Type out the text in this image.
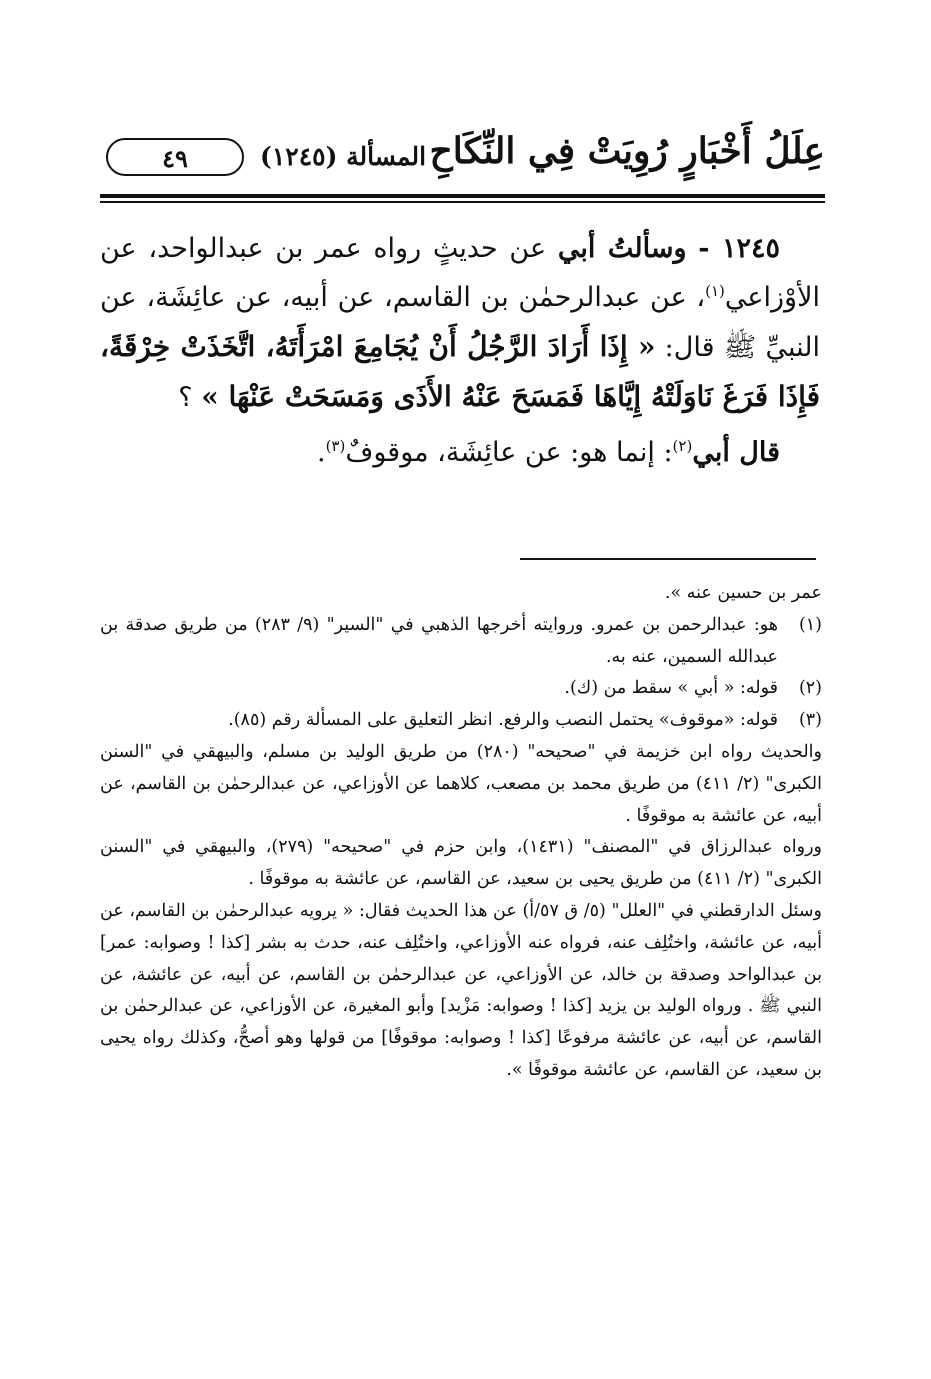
عِلَلُ أَخْبَارٍ رُوِيَتْ فِي النِّكَاحِ
المسألة (١٢٤٥)
٤٩

١٢٤٥ - وسألتُ أبي عن حديثٍ رواه عمر بن عبدالواحد، عن الأوْزاعي$^{(١)}$، عن عبدالرحمٰن بن القاسم، عن أبيه، عن عائِشَة، عن النبيِّ ﷺ قال: « إِذَا أَرَادَ الرَّجُلُ أَنْ يُجَامِعَ امْرَأَتَهُ، اتَّخَذَتْ خِرْقَةً، فَإِذَا فَرَغَ نَاوَلَتْهُ إِيَّاهَا فَمَسَحَ عَنْهُ الأَذَى وَمَسَحَتْ عَنْهَا » ؟

قال أبي$^{(٢)}$: إنما هو: عن عائِشَة، موقوفٌ$^{(٣)}$.

عمر بن حسين عنه ».

(١)
هو: عبدالرحمن بن عمرو. وروايته أخرجها الذهبي في "السير" (٩/ ٢٨٣) من طريق صدقة بن عبدالله السمين، عنه به.
(٢)
قوله: « أبي » سقط من (ك).
(٣)
قوله: «موقوف» يحتمل النصب والرفع. انظر التعليق على المسألة رقم (٨٥).

والحديث رواه ابن خزيمة في "صحيحه" (٢٨٠) من طريق الوليد بن مسلم، والبيهقي في "السنن الكبرى" (٢/ ٤١١) من طريق محمد بن مصعب، كلاهما عن الأوزاعي، عن عبدالرحمٰن بن القاسم، عن أبيه، عن عائشة به موقوفًا .

ورواه عبدالرزاق في "المصنف" (١٤٣١)، وابن حزم في "صحيحه" (٢٧٩)، والبيهقي في "السنن الكبرى" (٢/ ٤١١) من طريق يحيى بن سعيد، عن القاسم، عن عائشة به موقوفًا .

وسئل الدارقطني في "العلل" (٥/ ق ٥٧/أ) عن هذا الحديث فقال: « يرويه عبدالرحمٰن بن القاسم، عن أبيه، عن عائشة، واختُلِف عنه، فرواه عنه الأوزاعي، واختُلِف عنه، حدث به بشر [كذا ! وصوابه: عمر] بن عبدالواحد وصدقة بن خالد، عن الأوزاعي، عن عبدالرحمٰن بن القاسم، عن أبيه، عن عائشة، عن النبي ﷺ . ورواه الوليد بن يزيد [كذا ! وصوابه: مَزْيد] وأبو المغيرة، عن الأوزاعي، عن عبدالرحمٰن بن القاسم، عن أبيه، عن عائشة مرفوعًا [كذا ! وصوابه: موقوفًا] من قولها وهو أصحُّ، وكذلك رواه يحيى بن سعيد، عن القاسم، عن عائشة موقوفًا ».
